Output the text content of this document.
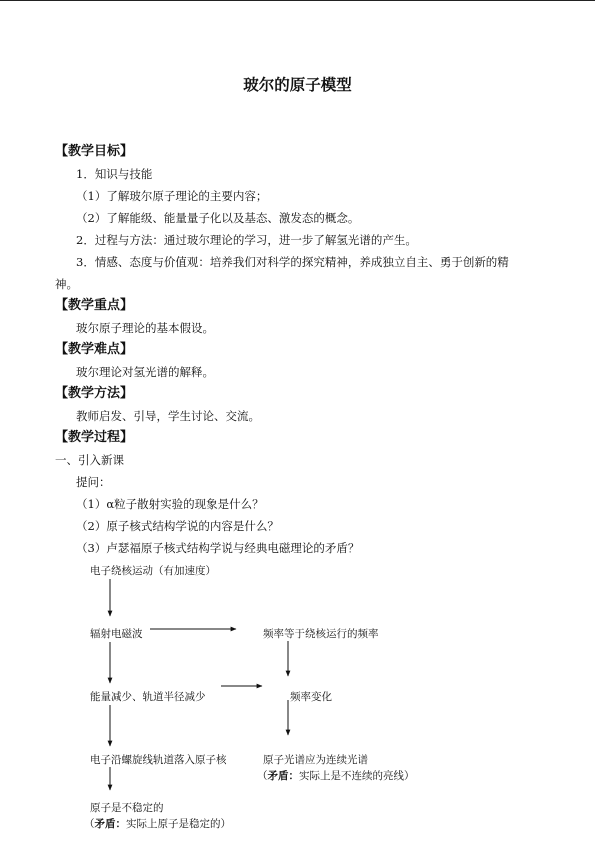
玻尔的原子模型
【教学目标】
1．知识与技能
（1）了解玻尔原子理论的主要内容；
（2）了解能级、能量量子化以及基态、激发态的概念。
2．过程与方法：通过玻尔理论的学习，进一步了解氢光谱的产生。
3．情感、态度与价值观：培养我们对科学的探究精神，养成独立自主、勇于创新的精
神。
【教学重点】
玻尔原子理论的基本假设。
【教学难点】
玻尔理论对氢光谱的解释。
【教学方法】
教师启发、引导，学生讨论、交流。
【教学过程】
一、引入新课
提问：
（1）α粒子散射实验的现象是什么？
（2）原子核式结构学说的内容是什么？
（3）卢瑟福原子核式结构学说与经典电磁理论的矛盾？
电子绕核运动（有加速度）
辐射电磁波	频率等于绕核运行的频率
能量减少、轨道半径减少	频率变化
电子沿螺旋线轨道落入原子核	原子光谱应为连续光谱
（矛盾：实际上是不连续的亮线）
原子是不稳定的
（矛盾：实际上原子是稳定的）
